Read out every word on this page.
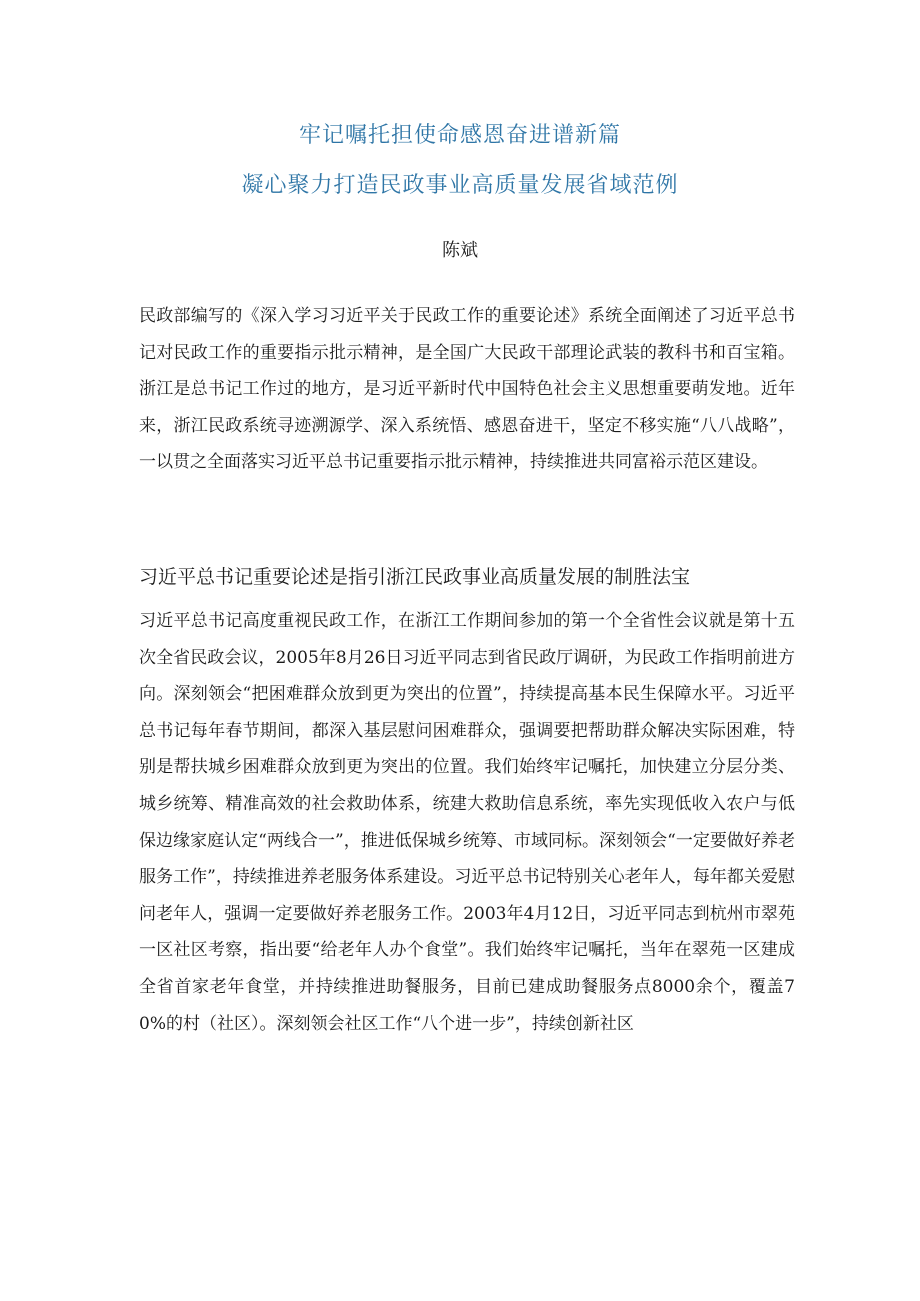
牢记嘱托担使命感恩奋进谱新篇
凝心聚力打造民政事业高质量发展省域范例
陈斌

民政部编写的《深入学习习近平关于民政工作的重要论述》系统全面阐述了习近平总书记对民政工作的重要指示批示精神，是全国广大民政干部理论武装的教科书和百宝箱。浙江是总书记工作过的地方，是习近平新时代中国特色社会主义思想重要萌发地。近年来，浙江民政系统寻迹溯源学、深入系统悟、感恩奋进干，坚定不移实施“八八战略”，一以贯之全面落实习近平总书记重要指示批示精神，持续推进共同富裕示范区建设。

习近平总书记重要论述是指引浙江民政事业高质量发展的制胜法宝

习近平总书记高度重视民政工作，在浙江工作期间参加的第一个全省性会议就是第十五次全省民政会议，2005年8月26日习近平同志到省民政厅调研，为民政工作指明前进方向。深刻领会“把困难群众放到更为突出的位置”，持续提高基本民生保障水平。习近平总书记每年春节期间，都深入基层慰问困难群众，强调要把帮助群众解决实际困难，特别是帮扶城乡困难群众放到更为突出的位置。我们始终牢记嘱托，加快建立分层分类、城乡统筹、精准高效的社会救助体系，统建大救助信息系统，率先实现低收入农户与低保边缘家庭认定“两线合一”，推进低保城乡统筹、市域同标。深刻领会“一定要做好养老服务工作”，持续推进养老服务体系建设。习近平总书记特别关心老年人，每年都关爱慰问老年人，强调一定要做好养老服务工作。2003年4月12日，习近平同志到杭州市翠苑一区社区考察，指出要“给老年人办个食堂”。我们始终牢记嘱托，当年在翠苑一区建成全省首家老年食堂，并持续推进助餐服务，目前已建成助餐服务点8000余个，覆盖70%的村（社区）。深刻领会社区工作“八个进一步”，持续创新社区
